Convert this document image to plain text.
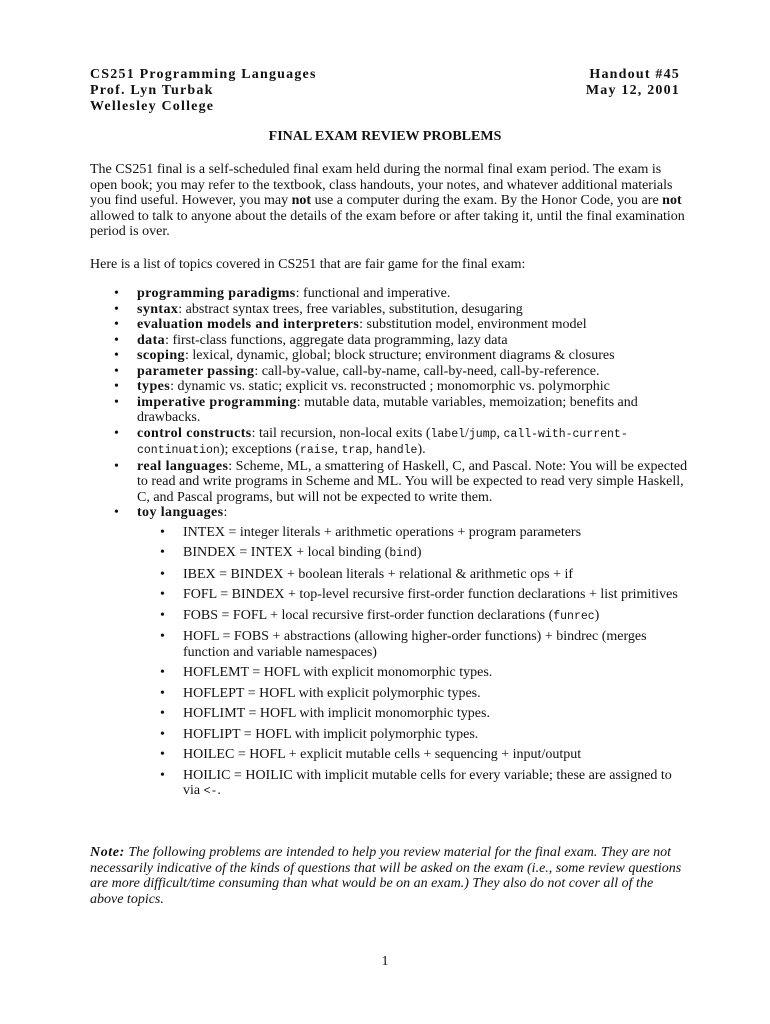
CS251 Programming Languages
Prof. Lyn Turbak
Wellesley College
Handout #45
May 12, 2001
FINAL EXAM REVIEW PROBLEMS
The CS251 final is a self-scheduled final exam held during the normal final exam period. The exam is open book; you may refer to the textbook, class handouts, your notes, and whatever additional materials you find useful. However, you may not use a computer during the exam. By the Honor Code, you are not allowed to talk to anyone about the details of the exam before or after taking it, until the final examination period is over.
Here is a list of topics covered in CS251 that are fair game for the final exam:
• programming paradigms: functional and imperative.
• syntax: abstract syntax trees, free variables, substitution, desugaring
• evaluation models and interpreters: substitution model, environment model
• data: first-class functions, aggregate data programming, lazy data
• scoping: lexical, dynamic, global; block structure; environment diagrams & closures
• parameter passing: call-by-value, call-by-name, call-by-need, call-by-reference.
• types: dynamic vs. static; explicit vs. reconstructed ; monomorphic vs. polymorphic
• imperative programming: mutable data, mutable variables, memoization; benefits and drawbacks.
• control constructs: tail recursion, non-local exits (label/jump, call-with-current-continuation); exceptions (raise, trap, handle).
• real languages: Scheme, ML, a smattering of Haskell, C, and Pascal. Note: You will be expected to read and write programs in Scheme and ML. You will be expected to read very simple Haskell, C, and Pascal programs, but will not be expected to write them.
• toy languages:
• INTEX = integer literals + arithmetic operations + program parameters
• BINDEX = INTEX + local binding (bind)
• IBEX = BINDEX + boolean literals + relational & arithmetic ops + if
• FOFL = BINDEX + top-level recursive first-order function declarations + list primitives
• FOBS = FOFL + local recursive first-order function declarations (funrec)
• HOFL = FOBS + abstractions (allowing higher-order functions) + bindrec (merges function and variable namespaces)
• HOFLEMT = HOFL with explicit monomorphic types.
• HOFLEPT = HOFL with explicit polymorphic types.
• HOFLIMT = HOFL with implicit monomorphic types.
• HOFLIPT = HOFL with implicit polymorphic types.
• HOILEC = HOFL + explicit mutable cells + sequencing + input/output
• HOILIC = HOILIC with implicit mutable cells for every variable; these are assigned to via <-.
Note: The following problems are intended to help you review material for the final exam. They are not necessarily indicative of the kinds of questions that will be asked on the exam (i.e., some review questions are more difficult/time consuming than what would be on an exam.) They also do not cover all of the above topics.
1
